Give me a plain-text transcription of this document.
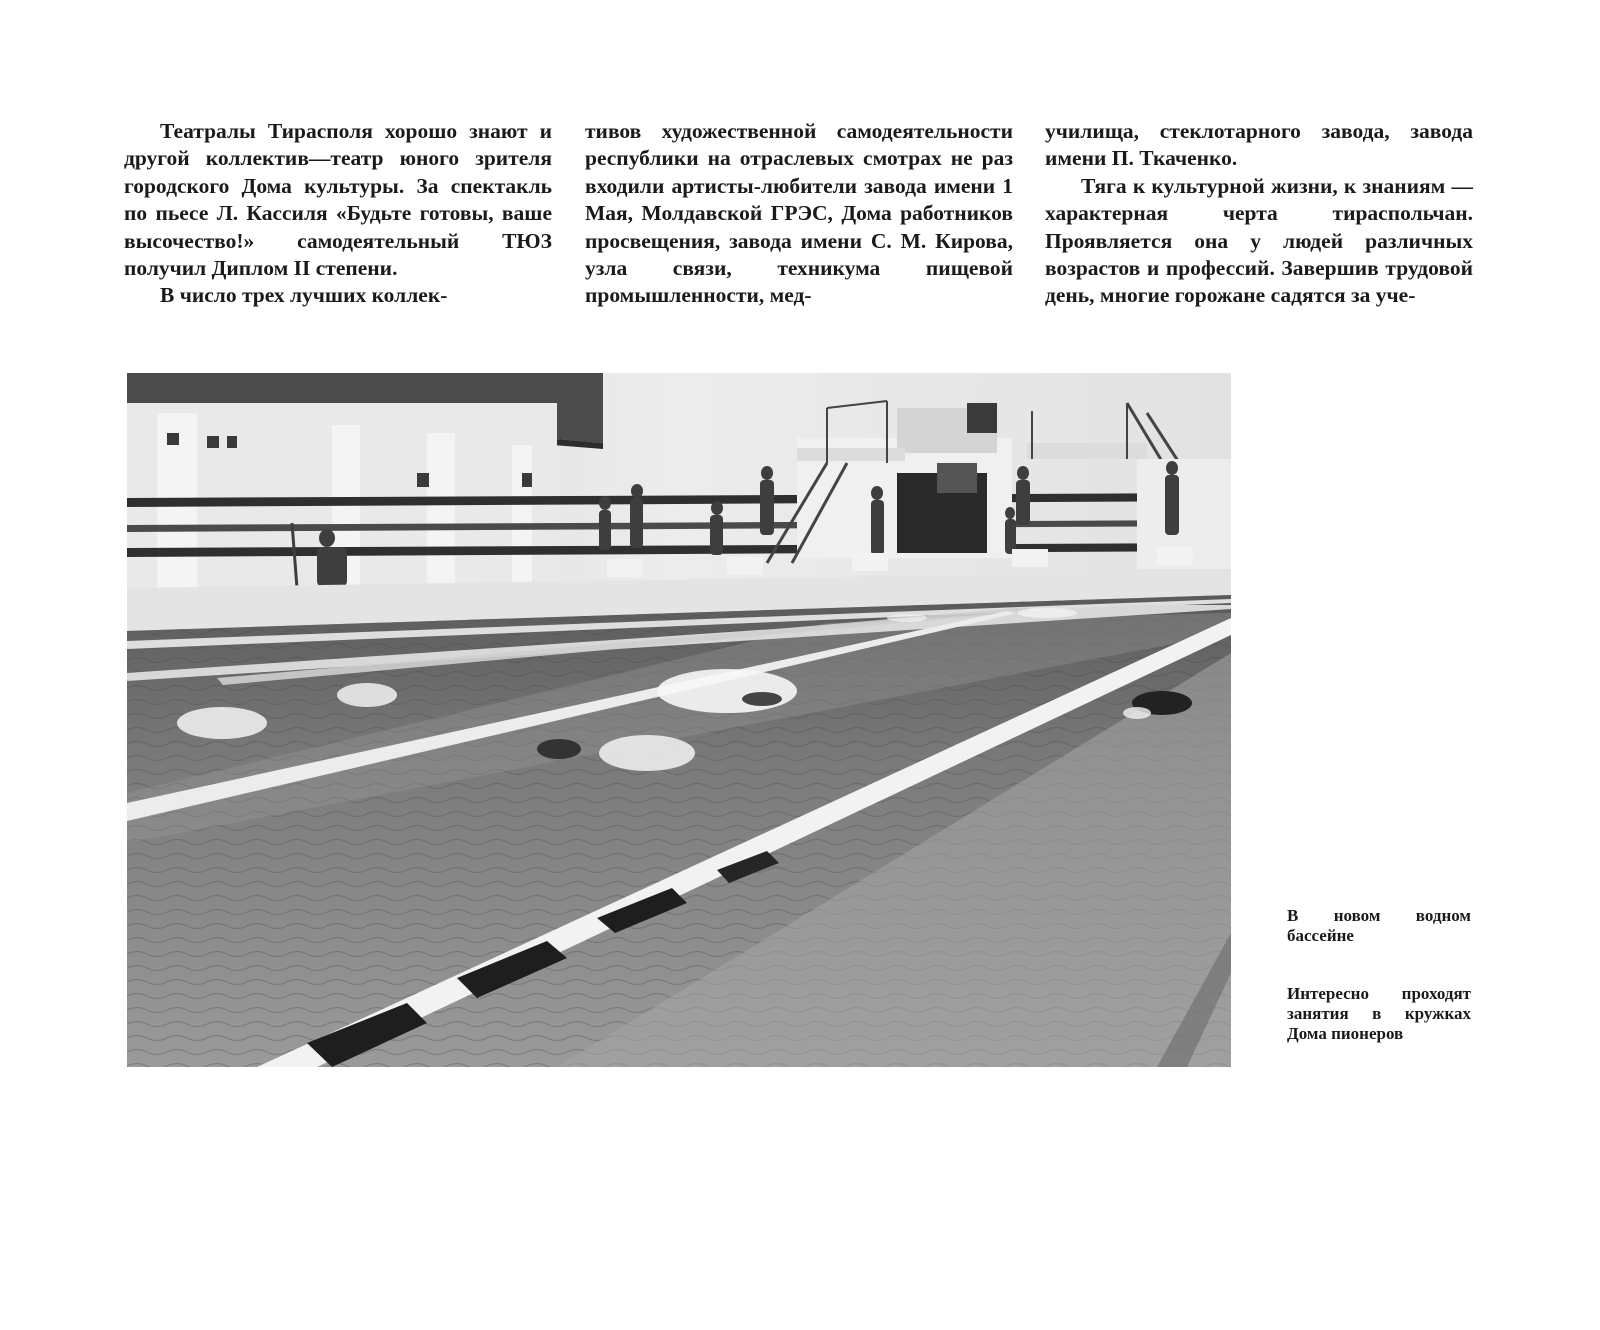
Театралы Тирасполя хорошо знают и другой коллектив—театр юного зрителя городского Дома культуры. За спектакль по пьесе Л. Кассиля «Будьте готовы, ваше высочество!» самодеятельный ТЮЗ получил Диплом II степени.

В число трех лучших коллек-

тивов художественной самодеятельности республики на отраслевых смотрах не раз входили артисты-любители завода имени 1 Мая, Молдавской ГРЭС, Дома работников просвещения, завода имени С. М. Кирова, узла связи, техникума пищевой промышленности, мед-

училища, стеклотарного завода, завода имени П. Ткаченко.

Тяга к культурной жизни, к знаниям — характерная черта тираспольчан. Проявляется она у людей различных возрастов и профессий. Завершив трудовой день, многие горожане садятся за уче-

В новом водном бассейне
Интересно проходят занятия в кружках Дома пионеров
